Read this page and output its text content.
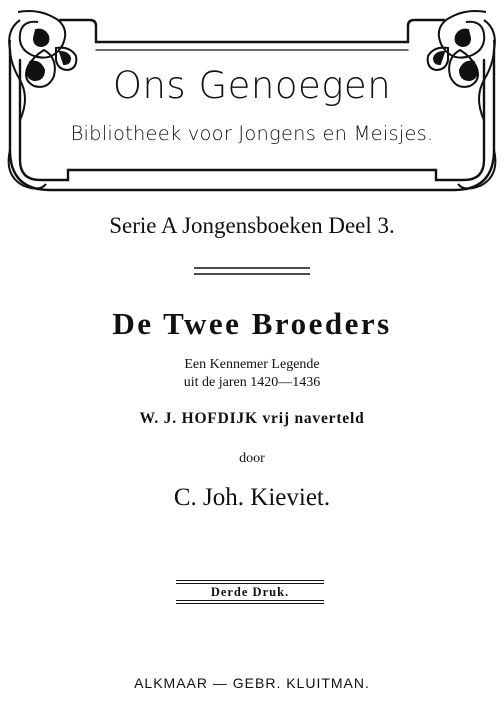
Ons Genoegen
Bibliotheek voor Jongens en Meisjes.
Serie A Jongensboeken Deel 3.
De Twee Broeders
Een Kennemer Legende
uit de jaren 1420—1436
W. J. HOFDIJK vrij naverteld
door
C. Joh. Kieviet.
Derde Druk.
ALKMAAR — GEBR. KLUITMAN.
